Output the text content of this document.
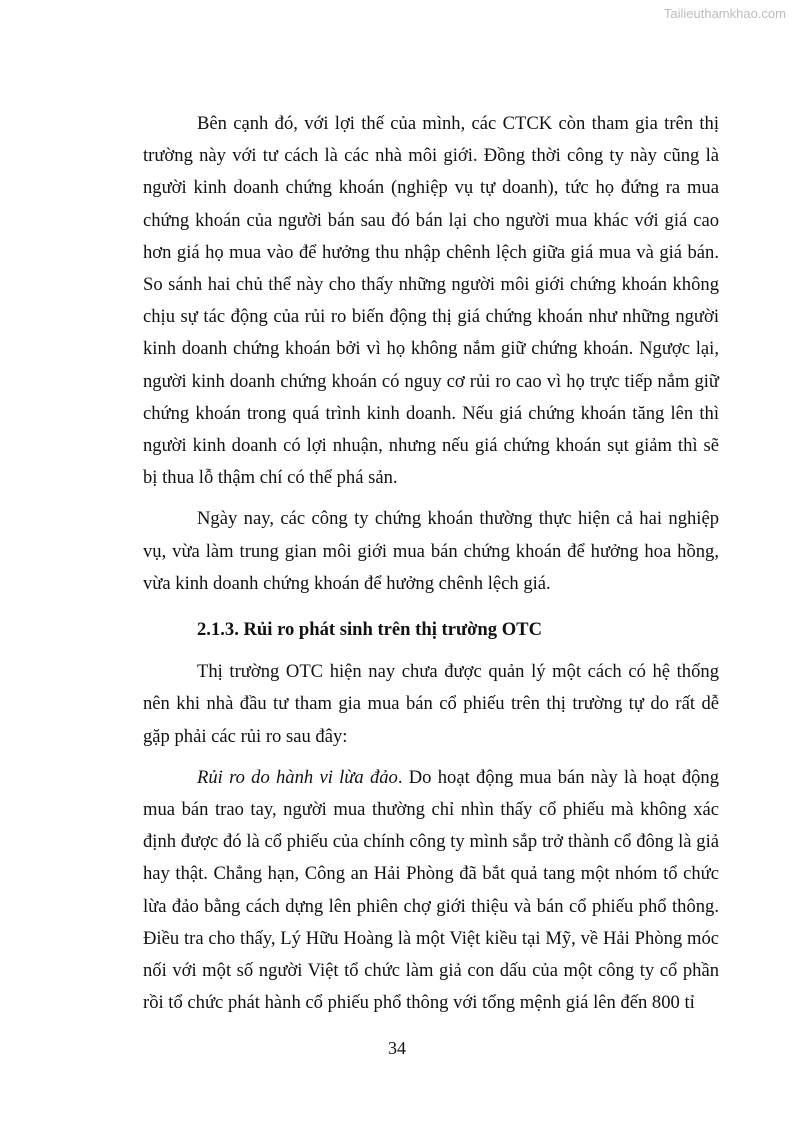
Tailieuthamkhao.com

Bên cạnh đó, với lợi thế của mình, các CTCK còn tham gia trên thị trường này với tư cách là các nhà môi giới. Đồng thời công ty này cũng là người kinh doanh chứng khoán (nghiệp vụ tự doanh), tức họ đứng ra mua chứng khoán của người bán sau đó bán lại cho người mua khác với giá cao hơn giá họ mua vào để hưởng thu nhập chênh lệch giữa giá mua và giá bán. So sánh hai chủ thể này cho thấy những người môi giới chứng khoán không chịu sự tác động của rủi ro biến động thị giá chứng khoán như những người kinh doanh chứng khoán bởi vì họ không nắm giữ chứng khoán. Ngược lại, người kinh doanh chứng khoán có nguy cơ rủi ro cao vì họ trực tiếp nắm giữ chứng khoán trong quá trình kinh doanh. Nếu giá chứng khoán tăng lên thì người kinh doanh có lợi nhuận, nhưng nếu giá chứng khoán sụt giảm thì sẽ bị thua lỗ thậm chí có thể phá sản.

Ngày nay, các công ty chứng khoán thường thực hiện cả hai nghiệp vụ, vừa làm trung gian môi giới mua bán chứng khoán để hưởng hoa hồng, vừa kinh doanh chứng khoán để hưởng chênh lệch giá.

2.1.3. Rủi ro phát sinh trên thị trường OTC

Thị trường OTC hiện nay chưa được quản lý một cách có hệ thống nên khi nhà đầu tư tham gia mua bán cổ phiếu trên thị trường tự do rất dễ gặp phải các rủi ro sau đây:

Rủi ro do hành vi lừa đảo. Do hoạt động mua bán này là hoạt động mua bán trao tay, người mua thường chỉ nhìn thấy cổ phiếu mà không xác định được đó là cổ phiếu của chính công ty mình sắp trở thành cổ đông là giả hay thật. Chẳng hạn, Công an Hải Phòng đã bắt quả tang một nhóm tổ chức lừa đảo bằng cách dựng lên phiên chợ giới thiệu và bán cổ phiếu phổ thông. Điều tra cho thấy, Lý Hữu Hoàng là một Việt kiều tại Mỹ, về Hải Phòng móc nối với một số người Việt tổ chức làm giả con dấu của một công ty cổ phần rồi tổ chức phát hành cổ phiếu phổ thông với tổng mệnh giá lên đến 800 tỉ

34
